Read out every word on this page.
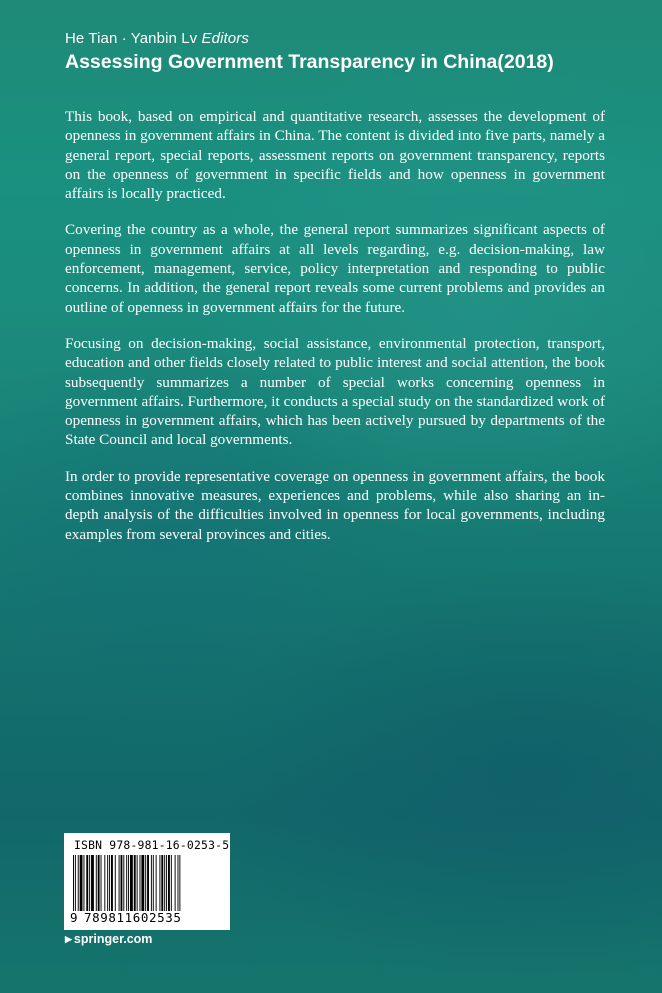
He Tian · Yanbin Lv Editors
Assessing Government Transparency in China(2018)

This book, based on empirical and quantitative research, assesses the development of openness in government affairs in China. The content is divided into five parts, namely a general report, special reports, assessment reports on government transparency, reports on the openness of government in specific fields and how openness in government affairs is locally practiced.

Covering the country as a whole, the general report summarizes significant aspects of openness in government affairs at all levels regarding, e.g. decision-making, law enforcement, management, service, policy interpretation and responding to public concerns. In addition, the general report reveals some current problems and provides an outline of openness in government affairs for the future.

Focusing on decision-making, social assistance, environmental protection, transport, education and other fields closely related to public interest and social attention, the book subsequently summarizes a number of special works concerning openness in government affairs. Furthermore, it conducts a special study on the standardized work of openness in government affairs, which has been actively pursued by departments of the State Council and local governments.

In order to provide representative coverage on openness in government affairs, the book combines innovative measures, experiences and problems, while also sharing an in-depth analysis of the difficulties involved in openness for local governments, including examples from several provinces and cities.

ISBN 978-981-16-0253-5
9 789811602535
▶ springer.com
